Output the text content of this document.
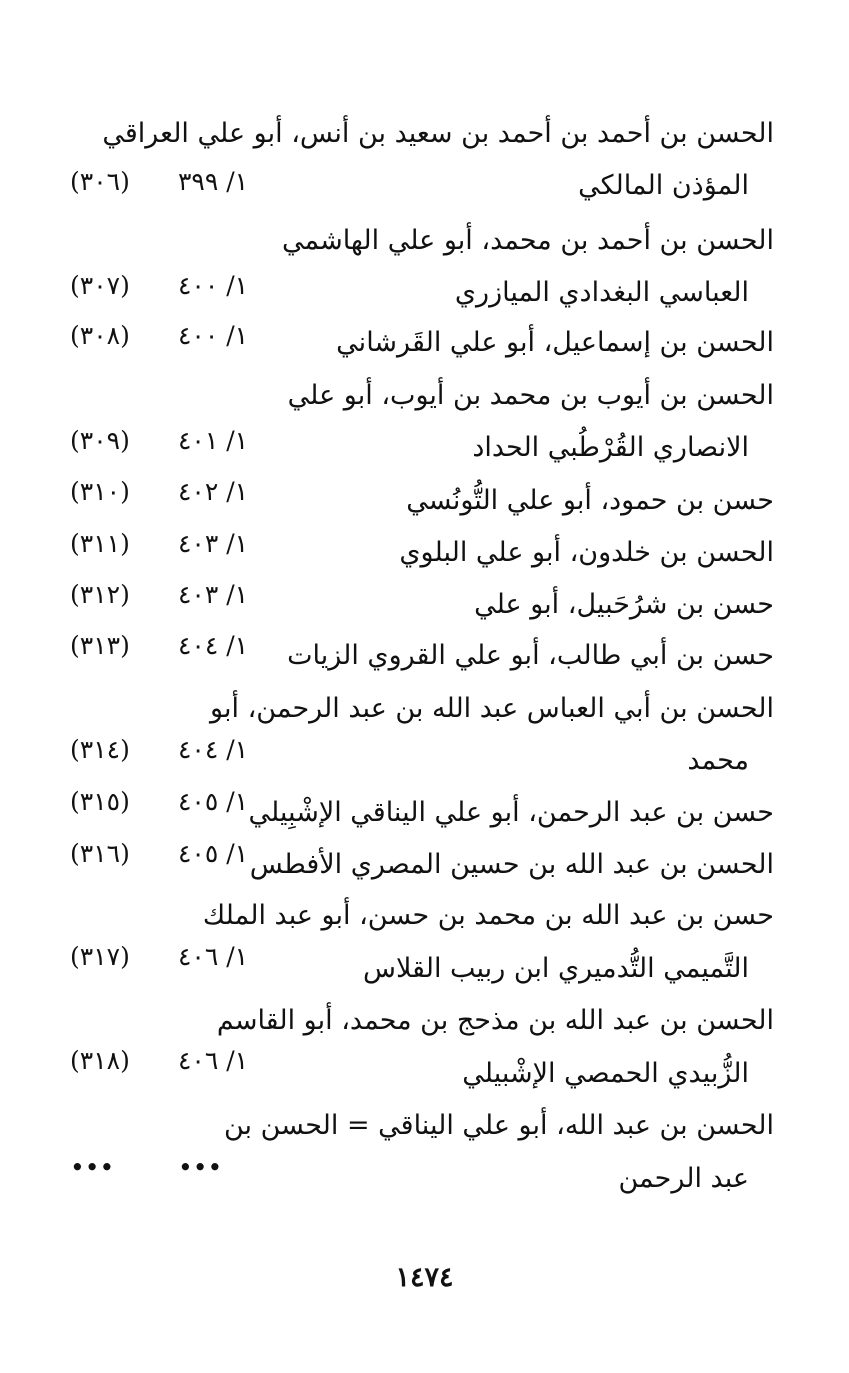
الحسن بن أحمد بن أحمد بن سعيد بن أنس، أبو علي العراقي
المؤذن المالكي
١/ ٣٩٩
(٣٠٦)
الحسن بن أحمد بن محمد، أبو علي الهاشمي
العباسي البغدادي الميازري
١/ ٤٠٠
(٣٠٧)
الحسن بن إسماعيل، أبو علي القَرشاني
١/ ٤٠٠
(٣٠٨)
الحسن بن أيوب بن محمد بن أيوب، أبو علي
الانصاري القُرْطُبي الحداد
١/ ٤٠١
(٣٠٩)
حسن بن حمود، أبو علي التُّونُسي
١/ ٤٠٢
(٣١٠)
الحسن بن خلدون، أبو علي البلوي
١/ ٤٠٣
(٣١١)
حسن بن شرُحَبيل، أبو علي
١/ ٤٠٣
(٣١٢)
حسن بن أبي طالب، أبو علي القروي الزيات
١/ ٤٠٤
(٣١٣)
الحسن بن أبي العباس عبد الله بن عبد الرحمن، أبو
محمد
١/ ٤٠٤
(٣١٤)
حسن بن عبد الرحمن، أبو علي اليناقي الإشْبِيلي
١/ ٤٠٥
(٣١٥)
الحسن بن عبد الله بن حسين المصري الأفطس
١/ ٤٠٥
(٣١٦)
حسن بن عبد الله بن محمد بن حسن، أبو عبد الملك
التَّميمي التُّدميري ابن ربيب القلاس
١/ ٤٠٦
(٣١٧)
الحسن بن عبد الله بن مذحج بن محمد، أبو القاسم
الزُّبيدي الحمصي الإشْبيلي
١/ ٤٠٦
(٣١٨)
الحسن بن عبد الله، أبو علي اليناقي = الحسن بن
عبد الرحمن
•••
•••
١٤٧٤
